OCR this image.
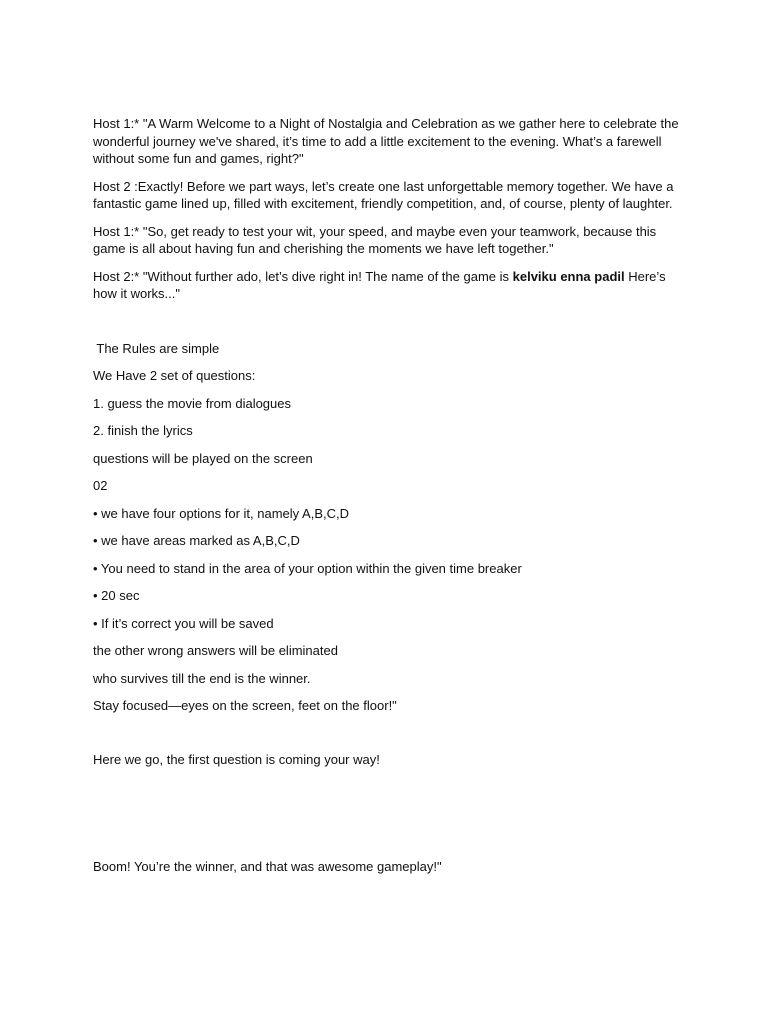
Host 1:* "A Warm Welcome to a Night of Nostalgia and Celebration as we gather here to celebrate the wonderful journey we've shared, it’s time to add a little excitement to the evening. What’s a farewell without some fun and games, right?"

Host 2 :Exactly! Before we part ways, let’s create one last unforgettable memory together. We have a fantastic game lined up, filled with excitement, friendly competition, and, of course, plenty of laughter.

Host 1:* "So, get ready to test your wit, your speed, and maybe even your teamwork, because this game is all about having fun and cherishing the moments we have left together."

Host 2:* "Without further ado, let’s dive right in! The name of the game is kelviku enna padil Here’s how it works..."

The Rules are simple

We Have 2 set of questions:

1. guess the movie from dialogues

2. finish the lyrics

questions will be played on the screen

02

• we have four options for it, namely A,B,C,D

• we have areas marked as A,B,C,D

• You need to stand in the area of your option within the given time breaker

• 20 sec

• If it’s correct you will be saved

the other wrong answers will be eliminated

who survives till the end is the winner.

Stay focused—eyes on the screen, feet on the floor!"

Here we go, the first question is coming your way!

Boom! You’re the winner, and that was awesome gameplay!"
